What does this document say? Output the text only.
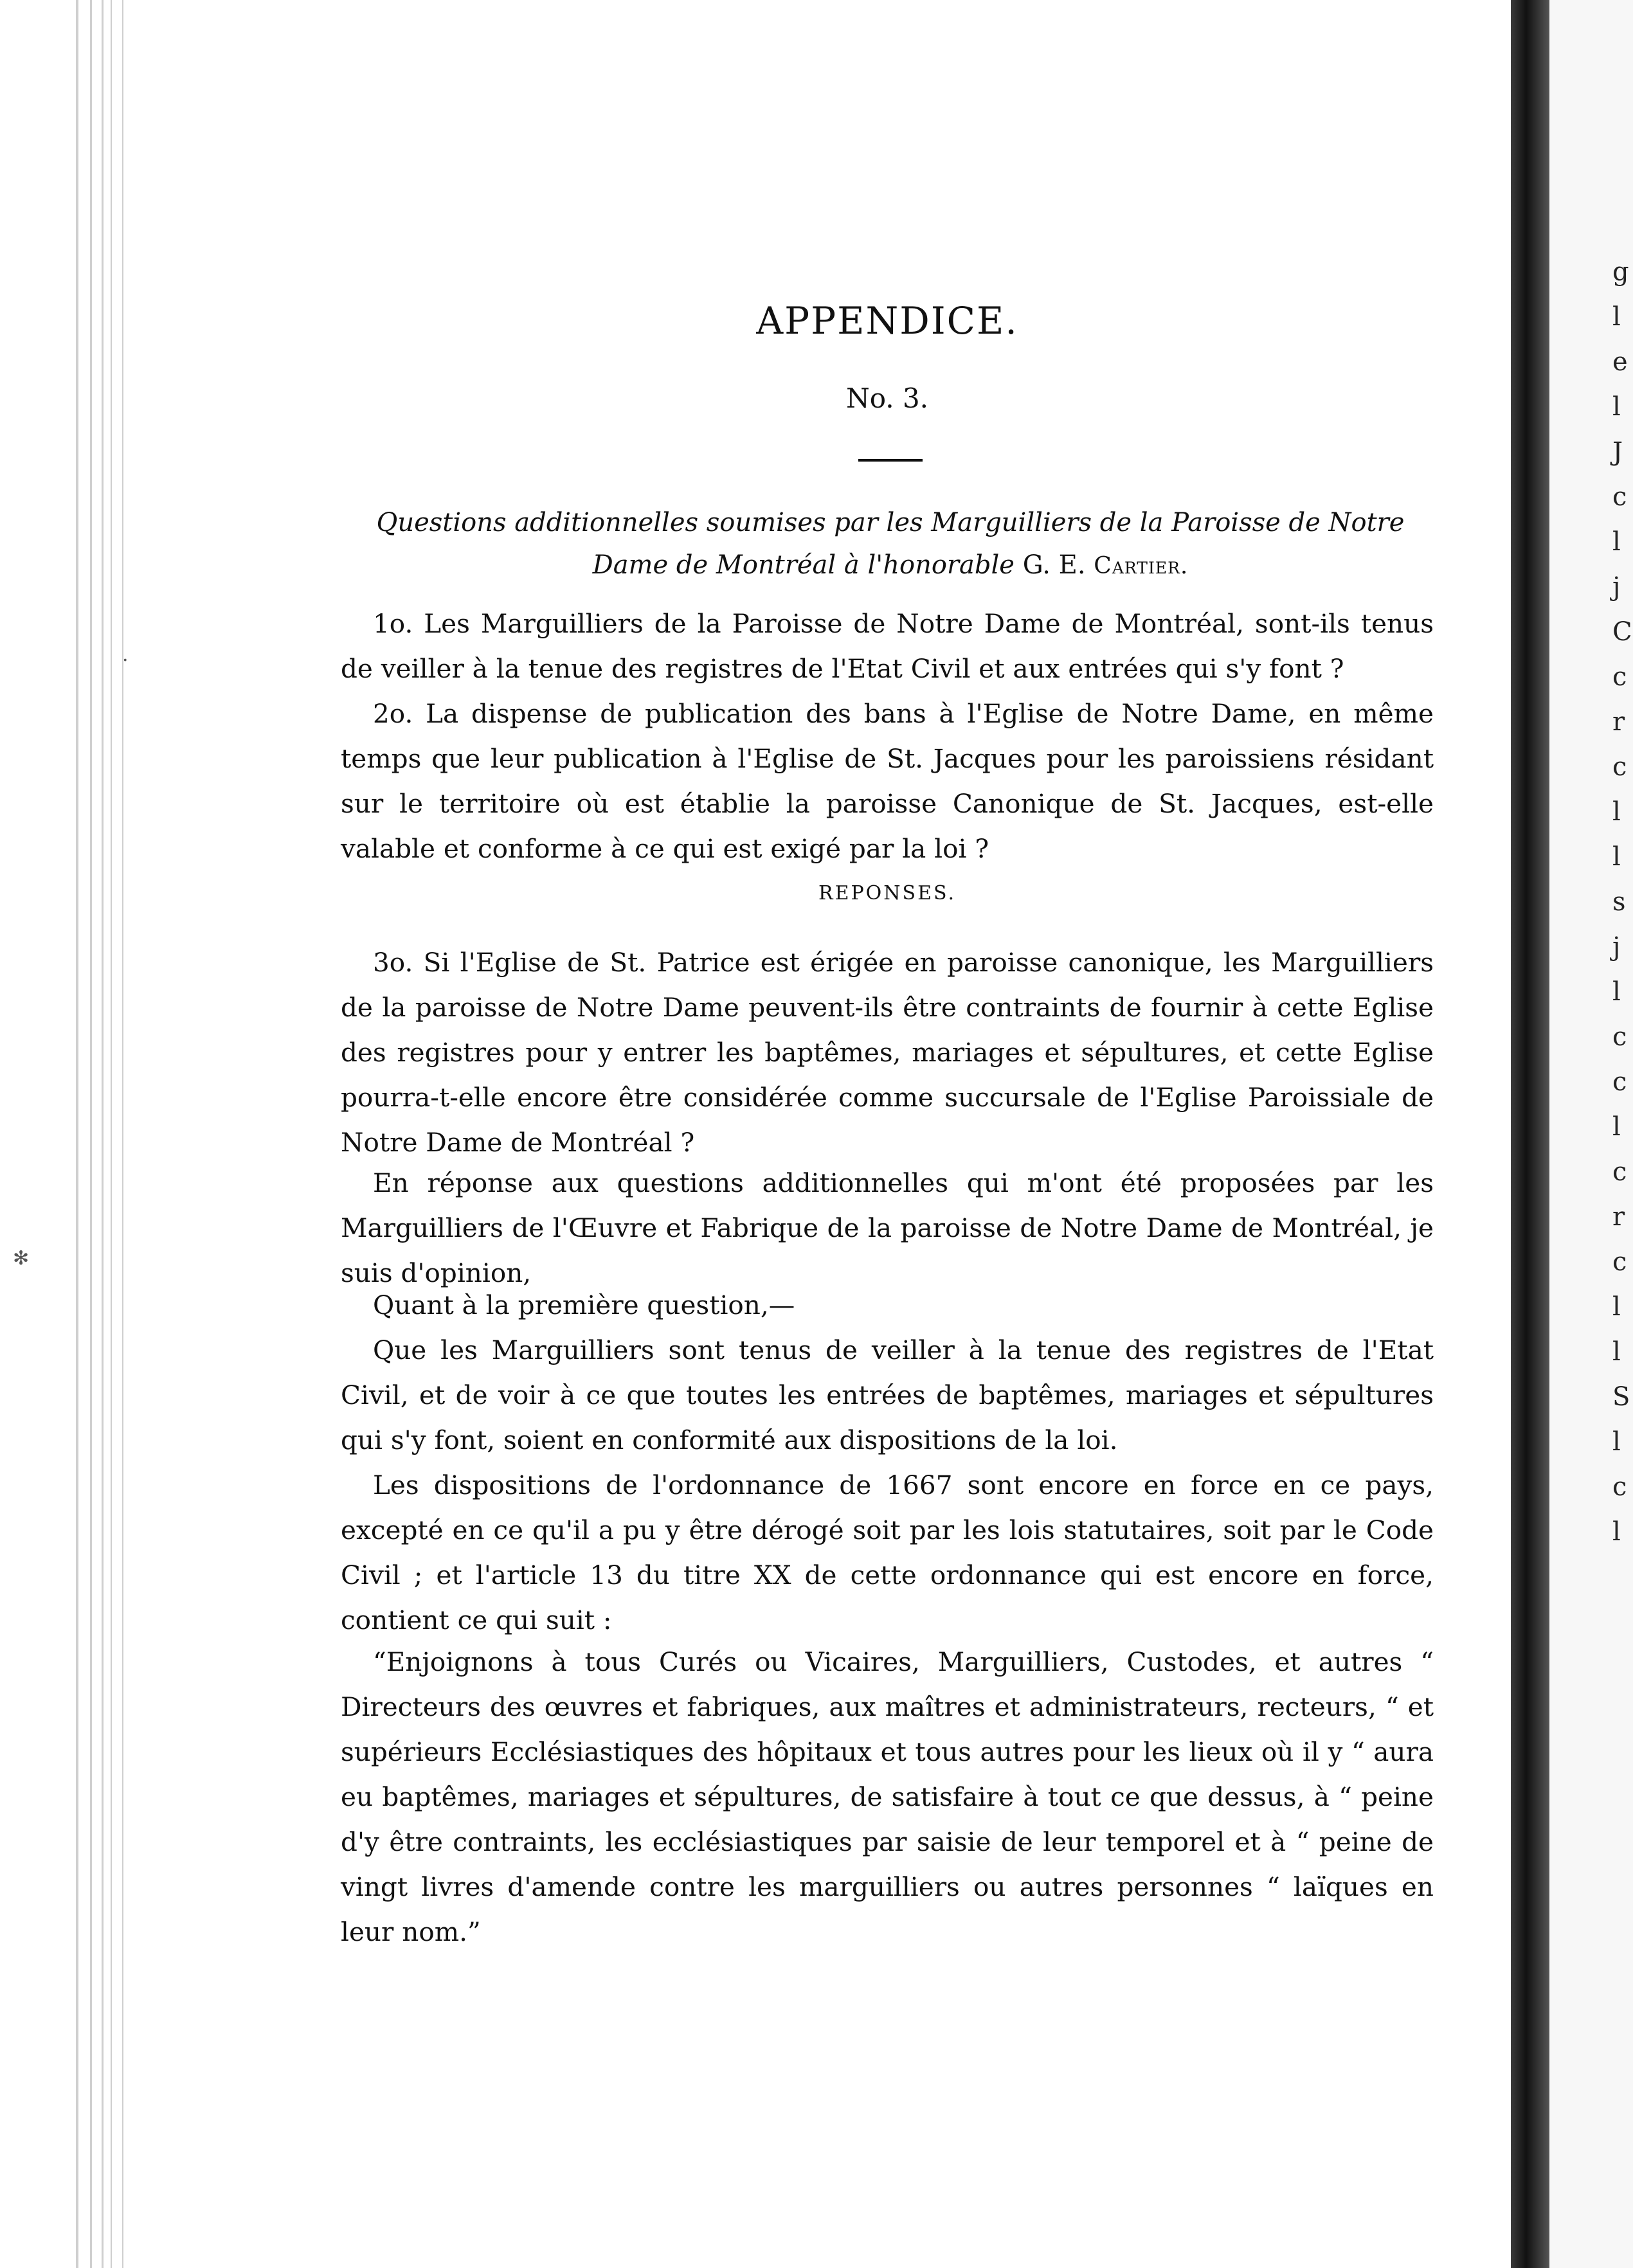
✻
·
g
l
e
l
J
c
l
j
C
c
r
c
l
l
s
j
l
c
c
l
c
r
c
l
l
S
l
c
l
APPENDICE.
No. 3.
Questions additionnelles soumises par les Marguilliers de la Paroisse de Notre Dame de Montréal à l'honorable G. E. Cartier.
1o. Les Marguilliers de la Paroisse de Notre Dame de Montréal, sont-ils tenus de veiller à la tenue des registres de l'Etat Civil et aux entrées qui s'y font ?
2o. La dispense de publication des bans à l'Eglise de Notre Dame, en même temps que leur publication à l'Eglise de St. Jacques pour les paroissiens résidant sur le territoire où est établie la paroisse Canonique de St. Jacques, est-elle valable et conforme à ce qui est exigé par la loi ?
REPONSES.
3o. Si l'Eglise de St. Patrice est érigée en paroisse canonique, les Marguilliers de la paroisse de Notre Dame peuvent-ils être contraints de fournir à cette Eglise des registres pour y entrer les baptêmes, mariages et sépultures, et cette Eglise pourra-t-elle encore être considérée comme succursale de l'Eglise Paroissiale de Notre Dame de Montréal ?
En réponse aux questions additionnelles qui m'ont été proposées par les Marguilliers de l'Œuvre et Fabrique de la paroisse de Notre Dame de Montréal, je suis d'opinion,
Quant à la première question,—
Que les Marguilliers sont tenus de veiller à la tenue des registres de l'Etat Civil, et de voir à ce que toutes les entrées de baptêmes, mariages et sépultures qui s'y font, soient en conformité aux dispositions de la loi.
Les dispositions de l'ordonnance de 1667 sont encore en force en ce pays, excepté en ce qu'il a pu y être dérogé soit par les lois statutaires, soit par le Code Civil ; et l'article 13 du titre XX de cette ordonnance qui est encore en force, contient ce qui suit :
“Enjoignons à tous Curés ou Vicaires, Marguilliers, Custodes, et autres “ Directeurs des œuvres et fabriques, aux maîtres et administrateurs, recteurs, “ et supérieurs Ecclésiastiques des hôpitaux et tous autres pour les lieux où il y “ aura eu baptêmes, mariages et sépultures, de satisfaire à tout ce que dessus, à “ peine d'y être contraints, les ecclésiastiques par saisie de leur temporel et à “ peine de vingt livres d'amende contre les marguilliers ou autres personnes “ laïques en leur nom.”
